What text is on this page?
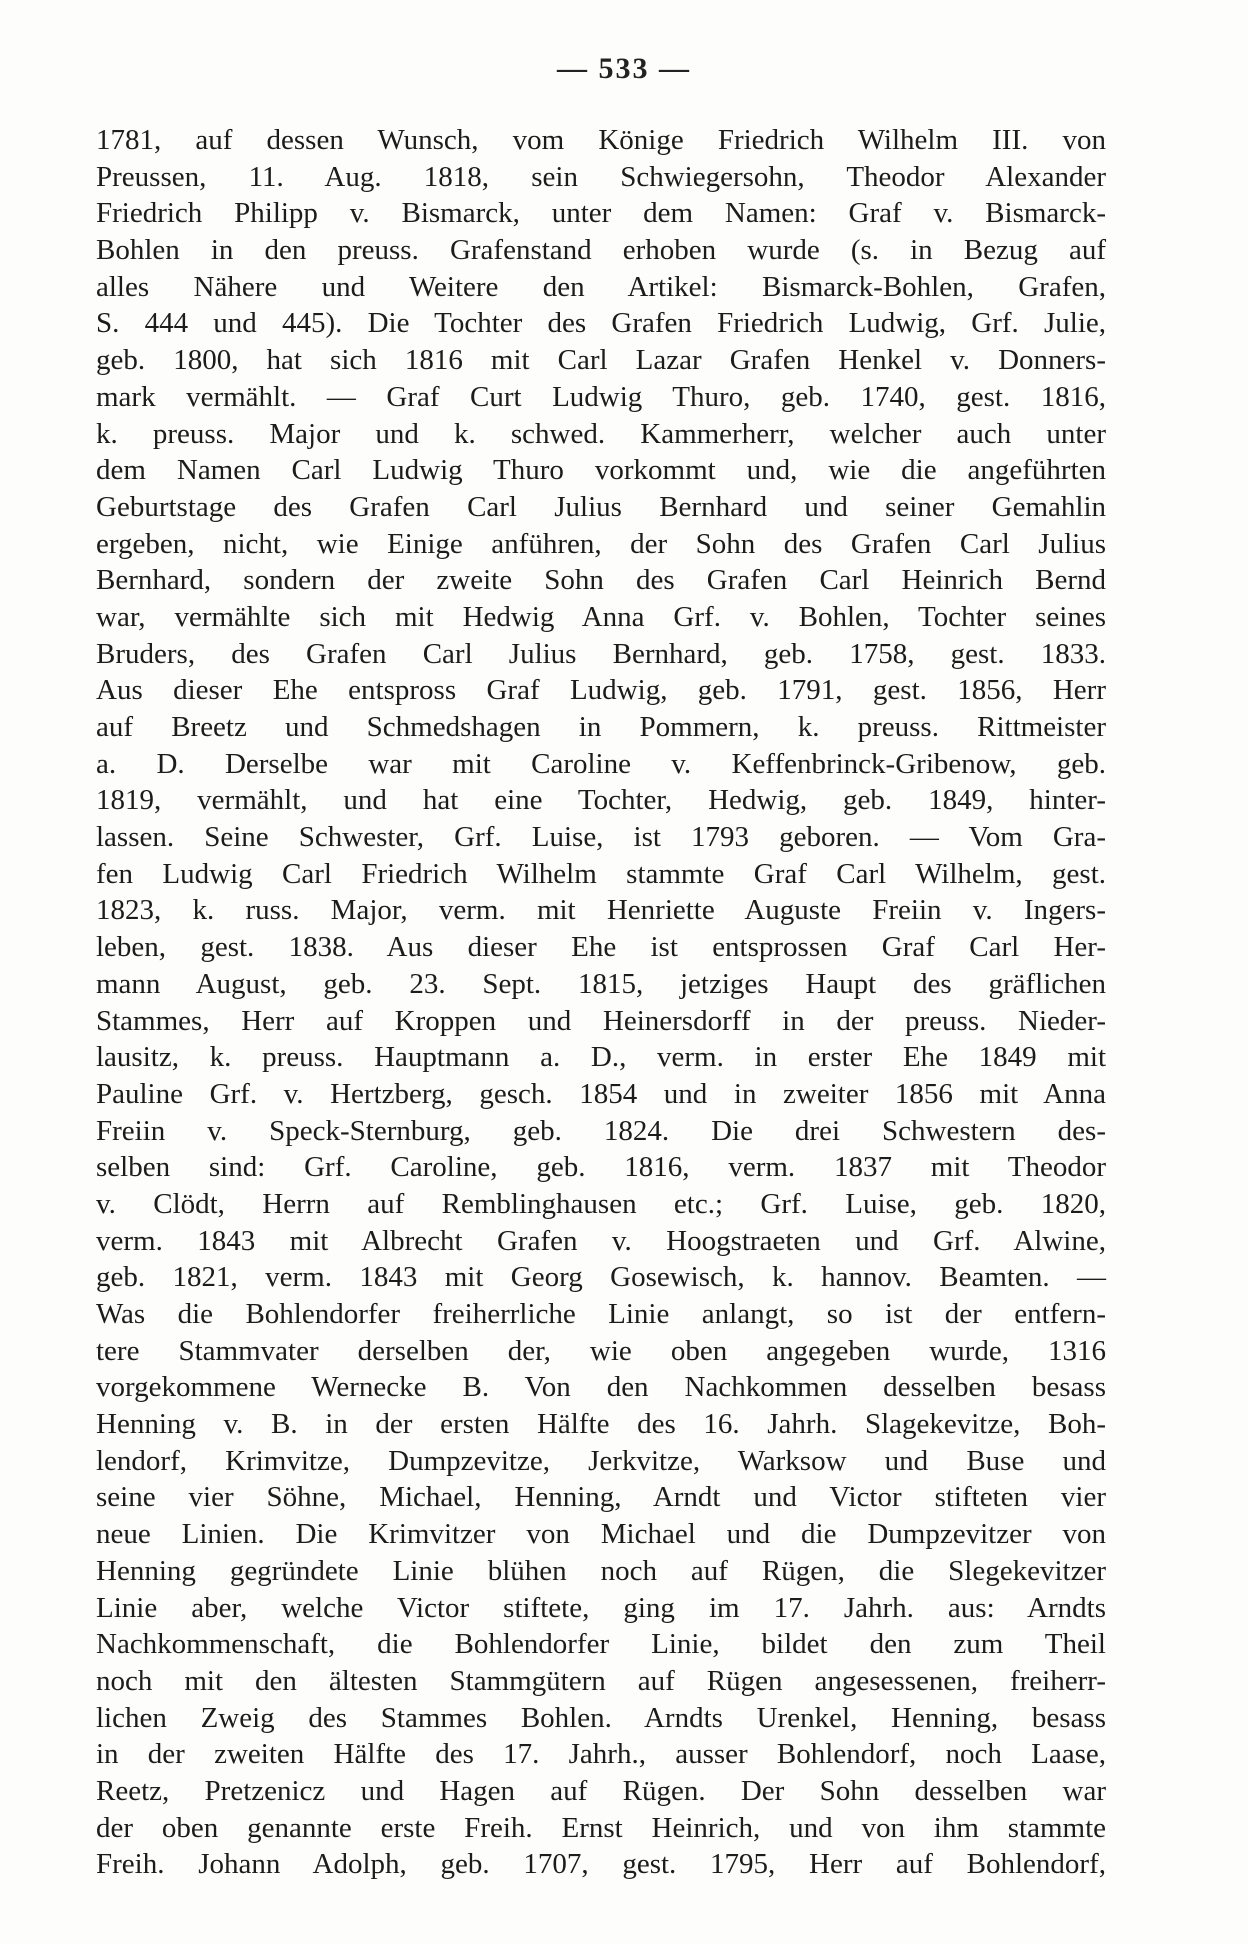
— 533 —
1781, auf dessen Wunsch, vom Könige Friedrich Wilhelm III. von
Preussen, 11. Aug. 1818, sein Schwiegersohn, Theodor Alexander
Friedrich Philipp v. Bismarck, unter dem Namen: Graf v. Bismarck-
Bohlen in den preuss. Grafenstand erhoben wurde (s. in Bezug auf
alles Nähere und Weitere den Artikel: Bismarck-Bohlen, Grafen,
S. 444 und 445). Die Tochter des Grafen Friedrich Ludwig, Grf. Julie,
geb. 1800, hat sich 1816 mit Carl Lazar Grafen Henkel v. Donners-
mark vermählt. — Graf Curt Ludwig Thuro, geb. 1740, gest. 1816,
k. preuss. Major und k. schwed. Kammerherr, welcher auch unter
dem Namen Carl Ludwig Thuro vorkommt und, wie die angeführten
Geburtstage des Grafen Carl Julius Bernhard und seiner Gemahlin
ergeben, nicht, wie Einige anführen, der Sohn des Grafen Carl Julius
Bernhard, sondern der zweite Sohn des Grafen Carl Heinrich Bernd
war, vermählte sich mit Hedwig Anna Grf. v. Bohlen, Tochter seines
Bruders, des Grafen Carl Julius Bernhard, geb. 1758, gest. 1833.
Aus dieser Ehe entspross Graf Ludwig, geb. 1791, gest. 1856, Herr
auf Breetz und Schmedshagen in Pommern, k. preuss. Rittmeister
a. D. Derselbe war mit Caroline v. Keffenbrinck-Gribenow, geb.
1819, vermählt, und hat eine Tochter, Hedwig, geb. 1849, hinter-
lassen. Seine Schwester, Grf. Luise, ist 1793 geboren. — Vom Gra-
fen Ludwig Carl Friedrich Wilhelm stammte Graf Carl Wilhelm, gest.
1823, k. russ. Major, verm. mit Henriette Auguste Freiin v. Ingers-
leben, gest. 1838. Aus dieser Ehe ist entsprossen Graf Carl Her-
mann August, geb. 23. Sept. 1815, jetziges Haupt des gräflichen
Stammes, Herr auf Kroppen und Heinersdorff in der preuss. Nieder-
lausitz, k. preuss. Hauptmann a. D., verm. in erster Ehe 1849 mit
Pauline Grf. v. Hertzberg, gesch. 1854 und in zweiter 1856 mit Anna
Freiin v. Speck-Sternburg, geb. 1824. Die drei Schwestern des-
selben sind: Grf. Caroline, geb. 1816, verm. 1837 mit Theodor
v. Clödt, Herrn auf Remblinghausen etc.; Grf. Luise, geb. 1820,
verm. 1843 mit Albrecht Grafen v. Hoogstraeten und Grf. Alwine,
geb. 1821, verm. 1843 mit Georg Gosewisch, k. hannov. Beamten. —
Was die Bohlendorfer freiherrliche Linie anlangt, so ist der entfern-
tere Stammvater derselben der, wie oben angegeben wurde, 1316
vorgekommene Wernecke B. Von den Nachkommen desselben besass
Henning v. B. in der ersten Hälfte des 16. Jahrh. Slagekevitze, Boh-
lendorf, Krimvitze, Dumpzevitze, Jerkvitze, Warksow und Buse und
seine vier Söhne, Michael, Henning, Arndt und Victor stifteten vier
neue Linien. Die Krimvitzer von Michael und die Dumpzevitzer von
Henning gegründete Linie blühen noch auf Rügen, die Slegekevitzer
Linie aber, welche Victor stiftete, ging im 17. Jahrh. aus: Arndts
Nachkommenschaft, die Bohlendorfer Linie, bildet den zum Theil
noch mit den ältesten Stammgütern auf Rügen angesessenen, freiherr-
lichen Zweig des Stammes Bohlen. Arndts Urenkel, Henning, besass
in der zweiten Hälfte des 17. Jahrh., ausser Bohlendorf, noch Laase,
Reetz, Pretzenicz und Hagen auf Rügen. Der Sohn desselben war
der oben genannte erste Freih. Ernst Heinrich, und von ihm stammte
Freih. Johann Adolph, geb. 1707, gest. 1795, Herr auf Bohlendorf,
